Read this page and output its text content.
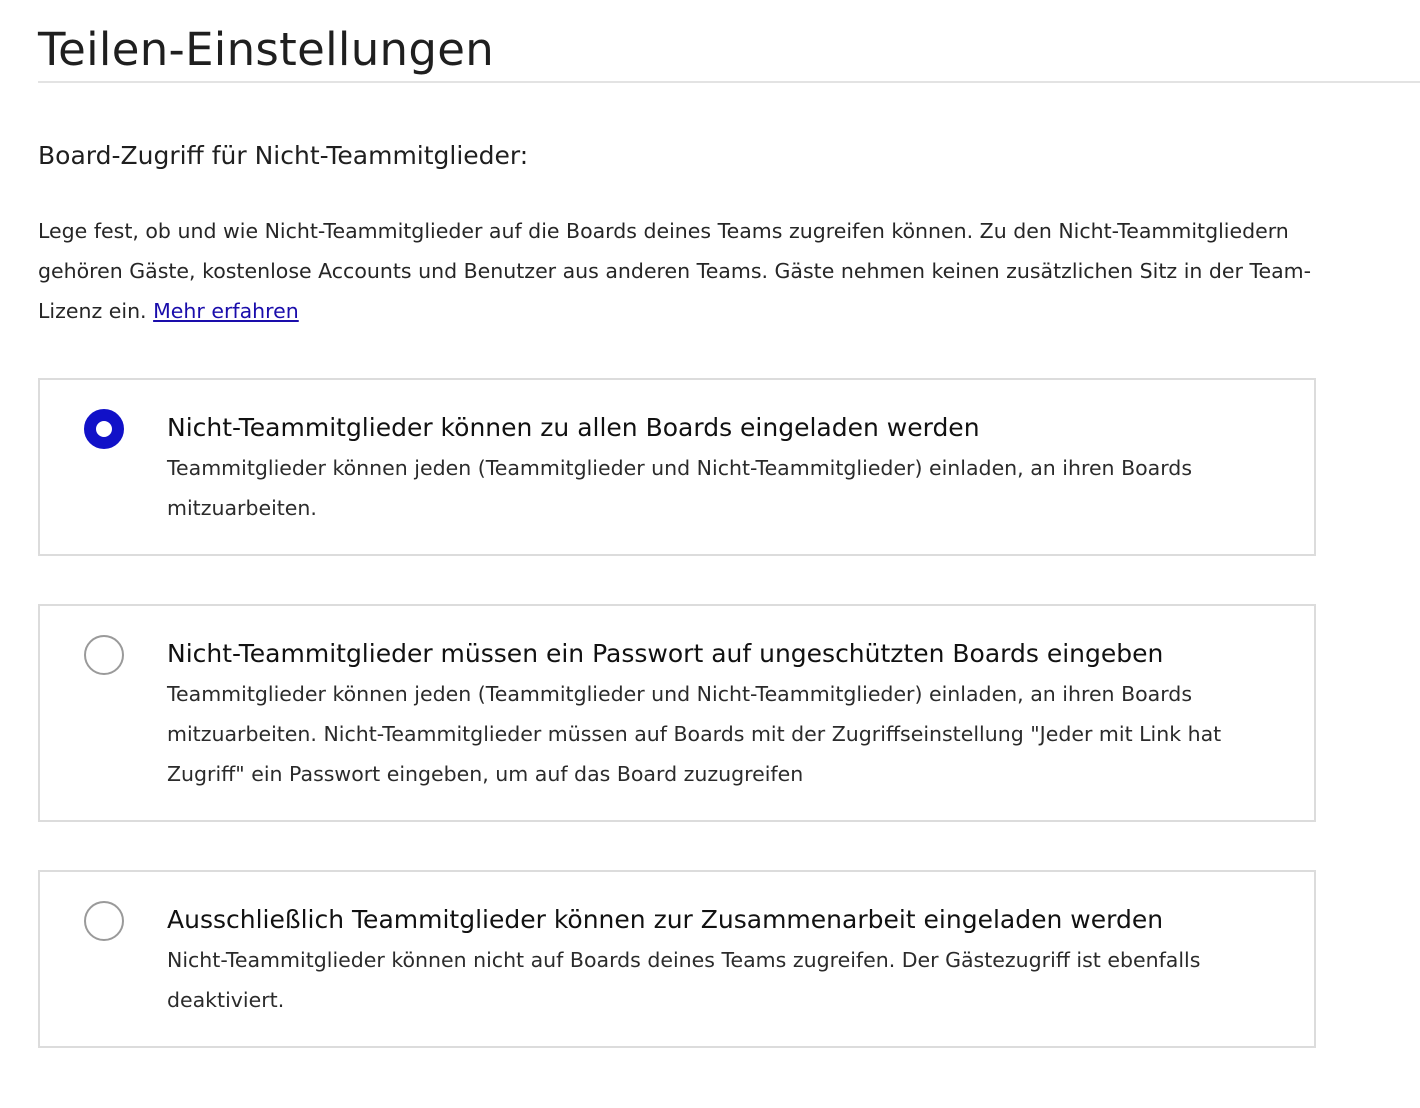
Teilen-Einstellungen
Board-Zugriff für Nicht-Teammitglieder:

Lege fest, ob und wie Nicht-Teammitglieder auf die Boards deines Teams zugreifen können. Zu den Nicht-Teammitgliedern gehören Gäste, kostenlose Accounts und Benutzer aus anderen Teams. Gäste nehmen keinen zusätzlichen Sitz in der Team-Lizenz ein. Mehr erfahren

Nicht-Teammitglieder können zu allen Boards eingeladen werden

Teammitglieder können jeden (Teammitglieder und Nicht-Teammitglieder) einladen, an ihren Boards mitzuarbeiten.

Nicht-Teammitglieder müssen ein Passwort auf ungeschützten Boards eingeben

Teammitglieder können jeden (Teammitglieder und Nicht-Teammitglieder) einladen, an ihren Boards mitzuarbeiten. Nicht-Teammitglieder müssen auf Boards mit der Zugriffseinstellung "Jeder mit Link hat Zugriff" ein Passwort eingeben, um auf das Board zuzugreifen

Ausschließlich Teammitglieder können zur Zusammenarbeit eingeladen werden

Nicht-Teammitglieder können nicht auf Boards deines Teams zugreifen. Der Gästezugriff ist ebenfalls deaktiviert.
